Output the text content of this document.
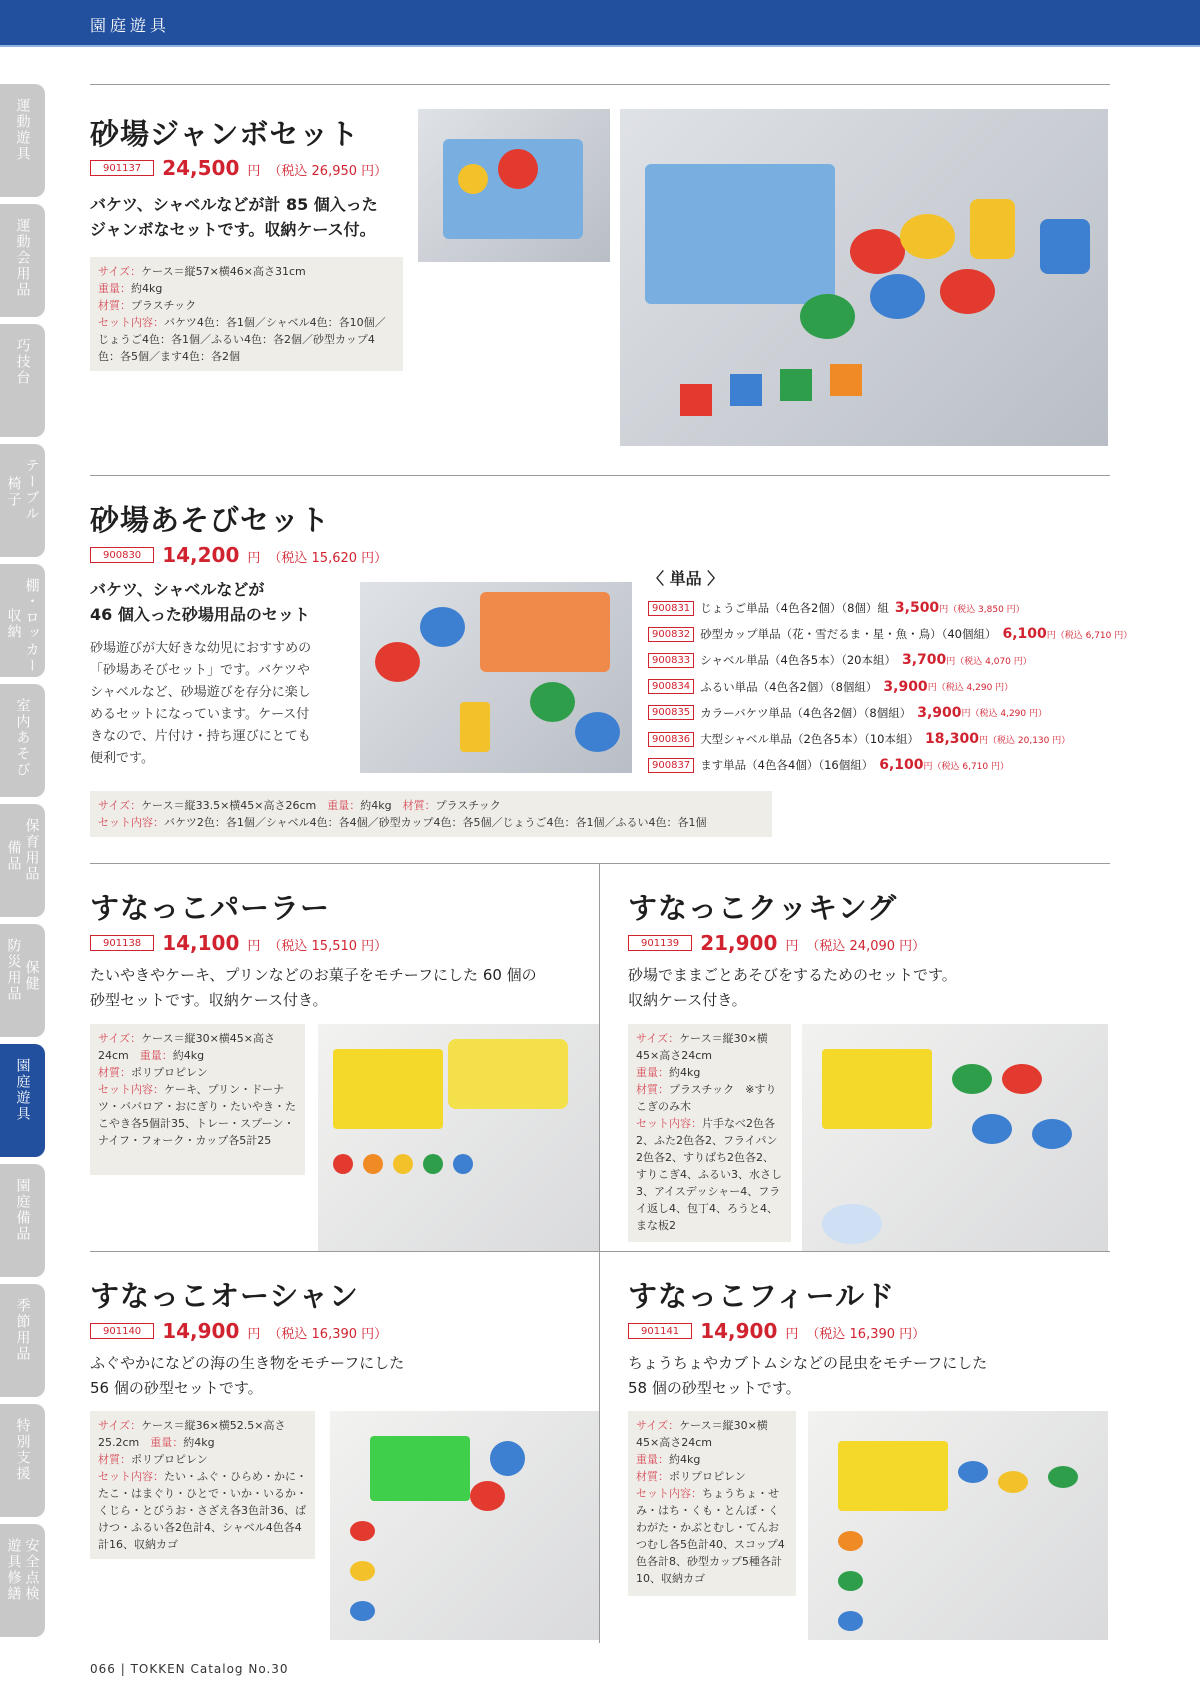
園庭遊具
運動遊具
運動会用品
巧技台
テーブル
椅子
棚・ロッカー
収納
室内あそび
保育用品
備品
保健
防災用品
園庭遊具
園庭備品
季節用品
特別支援
安全点検
遊具修繕
砂場ジャンボセット
901137	24,500 円 （税込 26,950 円）
バケツ、シャベルなどが計 85 個入った
ジャンボなセットです。収納ケース付。
サイズ：ケース＝縦57×横46×高さ31cm
重量：約4kg
材質：プラスチック
セット内容：バケツ4色：各1個／シャベル4色：各10個／じょうご4色：各1個／ふるい4色：各2個／砂型カップ4色：各5個／ます4色：各2個
砂場あそびセット
900830	14,200 円 （税込 15,620 円）
バケツ、シャベルなどが
46 個入った砂場用品のセット
砂場遊びが大好きな幼児におすすめの
「砂場あそびセット」です。バケツや
シャベルなど、砂場遊びを存分に楽し
めるセットになっています。ケース付
きなので、片付け・持ち運びにとても
便利です。
〈 単品 〉
900831 じょうご単品（4色各2個）（8個）組 3,500 円（税込 3,850 円）
900832 砂型カップ単品（花・雪だるま・星・魚・鳥）（40個組） 6,100 円（税込 6,710 円）
900833 シャベル単品（4色各5本）（20本組） 3,700 円（税込 4,070 円）
900834 ふるい単品（4色各2個）（8個組） 3,900 円（税込 4,290 円）
900835 カラーバケツ単品（4色各2個）（8個組） 3,900 円（税込 4,290 円）
900836 大型シャベル単品（2色各5本）（10本組） 18,300 円（税込 20,130 円）
900837 ます単品（4色各4個）（16個組） 6,100 円（税込 6,710 円）
サイズ：ケース＝縦33.5×横45×高さ26cm　 重量：約4kg　 材質：プラスチック
セット内容：バケツ2色：各1個／シャベル4色：各4個／砂型カップ4色：各5個／じょうご4色：各1個／ふるい4色：各1個
すなっこパーラー
901138	14,100 円 （税込 15,510 円）
たいやきやケーキ、プリンなどのお菓子をモチーフにした 60 個の
砂型セットです。収納ケース付き。
サイズ：ケース＝縦30×横45×高さ24cm　 重量：約4kg
材質：ポリプロピレン
セット内容：ケーキ、プリン・ドーナツ・ババロア・おにぎり・たいやき・たこやき各5個計35、トレー・スプーン・ナイフ・フォーク・カップ各5計25
すなっこクッキング
901139	21,900 円 （税込 24,090 円）
砂場でままごとあそびをするためのセットです。
収納ケース付き。
サイズ：ケース＝縦30×横45×高さ24cm
重量：約4kg
材質：プラスチック　※すりこぎのみ木
セット内容：片手なべ2色各2、ふた2色各2、フライパン2色各2、すりばち2色各2、すりこぎ4、ふるい3、水さし3、アイスデッシャー4、フライ返し4、包丁4、ろうと4、まな板2
すなっこオーシャン
901140	14,900 円 （税込 16,390 円）
ふぐやかになどの海の生き物をモチーフにした
56 個の砂型セットです。
サイズ：ケース＝縦36×横52.5×高さ25.2cm　 重量：約4kg
材質：ポリプロピレン
セット内容：たい・ふぐ・ひらめ・かに・たこ・はまぐり・ひとで・いか・いるか・くじら・とびうお・さざえ各3色計36、ばけつ・ふるい各2色計4、シャベル4色各4計16、収納カゴ
すなっこフィールド
901141	14,900 円 （税込 16,390 円）
ちょうちょやカブトムシなどの昆虫をモチーフにした
58 個の砂型セットです。
サイズ：ケース＝縦30×横45×高さ24cm
重量：約4kg
材質：ポリプロピレン
セット内容：ちょうちょ・せみ・はち・くも・とんぼ・くわがた・かぶとむし・てんおつむし各5色計40、スコップ4色各計8、砂型カップ5種各計10、収納カゴ
066 | TOKKEN Catalog No.30
